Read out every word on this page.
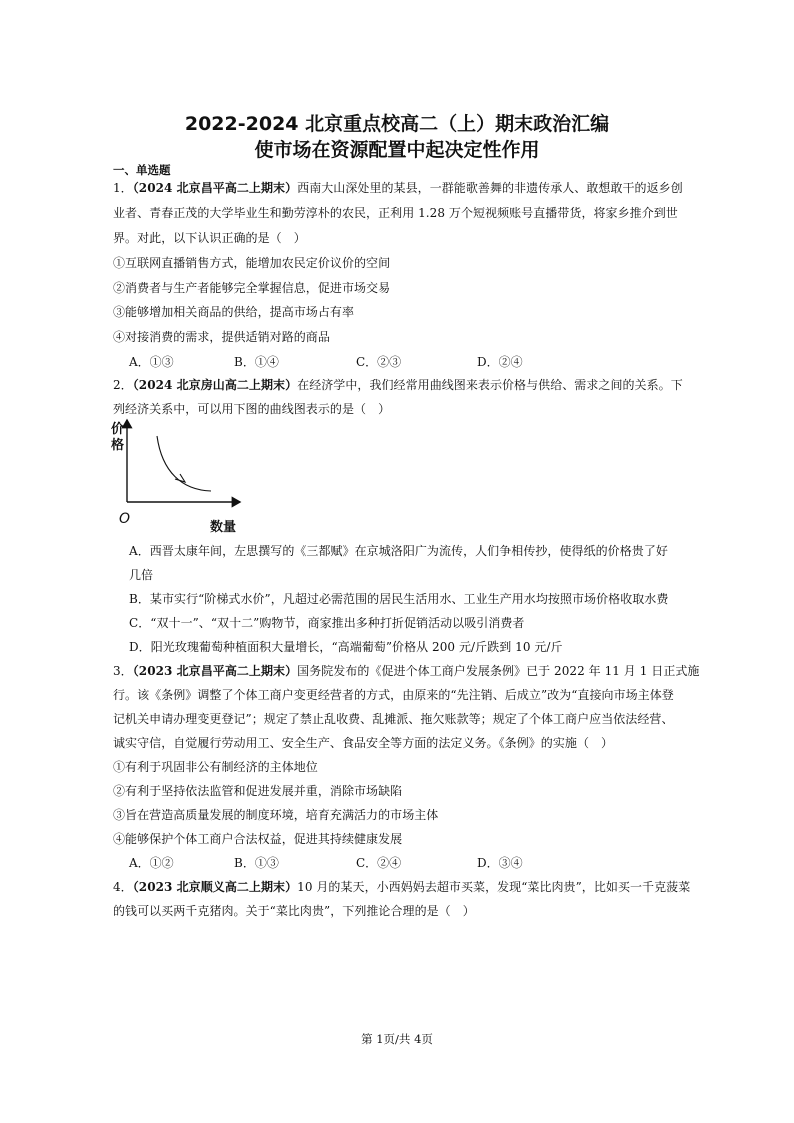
2022-2024 北京重点校高二（上）期末政治汇编
使市场在资源配置中起决定性作用
一、单选题
1．（2024 北京昌平高二上期末）西南大山深处里的某县，一群能歌善舞的非遗传承人、敢想敢干的返乡创
业者、青春正茂的大学毕业生和勤劳淳朴的农民，正利用 1.28 万个短视频账号直播带货，将家乡推介到世
界。对此，以下认识正确的是（　）
①互联网直播销售方式，能增加农民定价议价的空间
②消费者与生产者能够完全掌握信息，促进市场交易
③能够增加相关商品的供给，提高市场占有率
④对接消费的需求，提供适销对路的商品
A．①③	B．①④	C．②③	D．②④
2．（2024 北京房山高二上期末）在经济学中，我们经常用曲线图来表示价格与供给、需求之间的关系。下
列经济关系中，可以用下图的曲线图表示的是（　）
价
格
O
数量
A．西晋太康年间，左思撰写的《三都赋》在京城洛阳广为流传，人们争相传抄，使得纸的价格贵了好
几倍
B．某市实行“阶梯式水价”，凡超过必需范围的居民生活用水、工业生产用水均按照市场价格收取水费
C．“双十一”、“双十二”购物节，商家推出多种打折促销活动以吸引消费者
D．阳光玫瑰葡萄种植面积大量增长，“高端葡萄”价格从 200 元/斤跌到 10 元/斤
3．（2023 北京昌平高二上期末）国务院发布的《促进个体工商户发展条例》已于 2022 年 11 月 1 日正式施
行。该《条例》调整了个体工商户变更经营者的方式，由原来的“先注销、后成立”改为“直接向市场主体登
记机关申请办理变更登记”；规定了禁止乱收费、乱摊派、拖欠账款等；规定了个体工商户应当依法经营、
诚实守信，自觉履行劳动用工、安全生产、食品安全等方面的法定义务。《条例》的实施（　）
①有利于巩固非公有制经济的主体地位
②有利于坚持依法监管和促进发展并重，消除市场缺陷
③旨在营造高质量发展的制度环境，培育充满活力的市场主体
④能够保护个体工商户合法权益，促进其持续健康发展
A．①②	B．①③	C．②④	D．③④
4．（2023 北京顺义高二上期末）10 月的某天，小西妈妈去超市买菜，发现“菜比肉贵”，比如买一千克菠菜
的钱可以买两千克猪肉。关于“菜比肉贵”，下列推论合理的是（　）
第 1页/共 4页
